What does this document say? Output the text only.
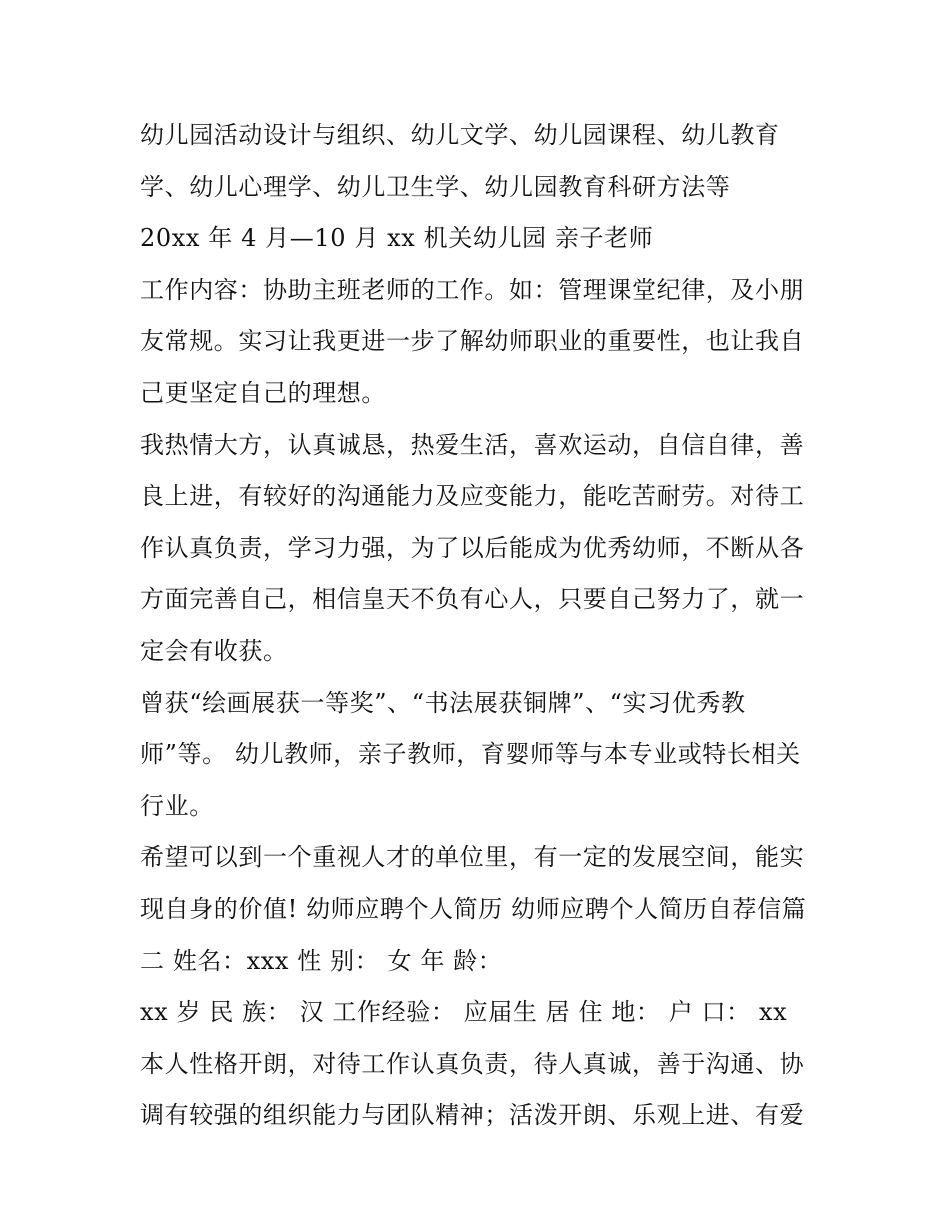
幼儿园活动设计与组织、幼儿文学、幼儿园课程、幼儿教育
学、幼儿心理学、幼儿卫生学、幼儿园教育科研方法等
20xx 年 4 月—10 月 xx 机关幼儿园 亲子老师
工作内容：协助主班老师的工作。如：管理课堂纪律，及小朋
友常规。实习让我更进一步了解幼师职业的重要性，也让我自
己更坚定自己的理想。
我热情大方，认真诚恳，热爱生活，喜欢运动，自信自律，善
良上进，有较好的沟通能力及应变能力，能吃苦耐劳。对待工
作认真负责，学习力强，为了以后能成为优秀幼师，不断从各
方面完善自己，相信皇天不负有心人，只要自己努力了，就一
定会有收获。
曾获“绘画展获一等奖”、“书法展获铜牌”、“实习优秀教
师”等。 幼儿教师，亲子教师，育婴师等与本专业或特长相关
行业。
希望可以到一个重视人才的单位里，有一定的发展空间，能实
现自身的价值! 幼师应聘个人简历 幼师应聘个人简历自荐信篇
二 姓名：xxx 性 别： 女 年 龄：
xx 岁 民 族： 汉 工作经验： 应届生 居 住 地： 户 口： xx
本人性格开朗，对待工作认真负责，待人真诚，善于沟通、协
调有较强的组织能力与团队精神；活泼开朗、乐观上进、有爱
